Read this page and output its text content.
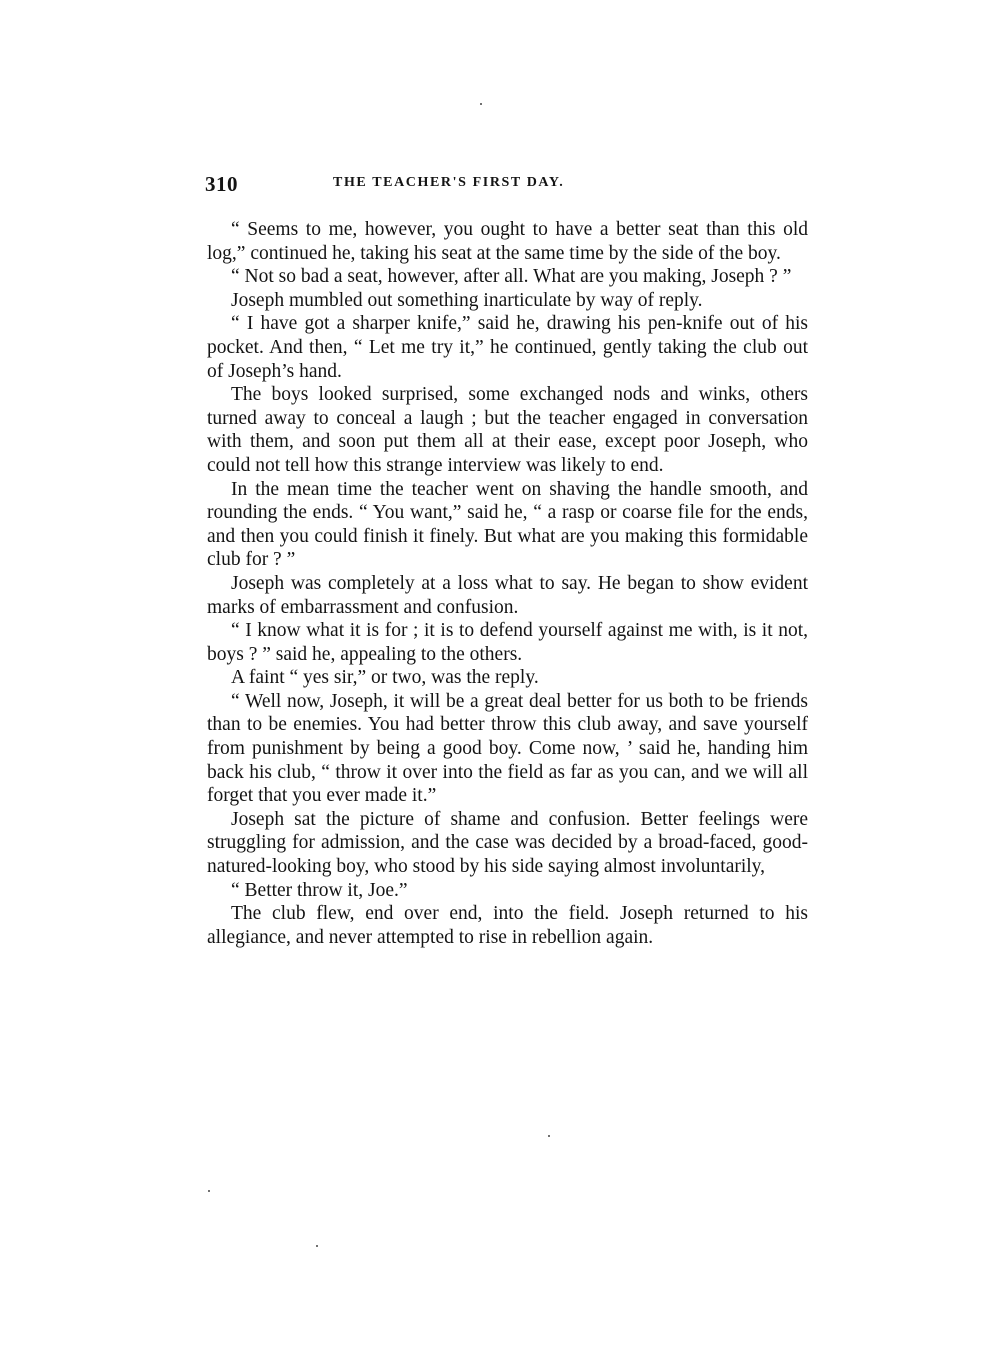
310	THE TEACHER'S FIRST DAY.

“ Seems to me, however, you ought to have a better seat than this old log,” continued he, taking his seat at the same time by the side of the boy.

“ Not so bad a seat, however, after all. What are you making, Joseph ? ”

Joseph mumbled out something inarticulate by way of reply.

“ I have got a sharper knife,” said he, drawing his pen-knife out of his pocket. And then, “ Let me try it,” he continued, gently taking the club out of Joseph’s hand.

The boys looked surprised, some exchanged nods and winks, others turned away to conceal a laugh ; but the teacher engaged in conversation with them, and soon put them all at their ease, except poor Joseph, who could not tell how this strange interview was likely to end.

In the mean time the teacher went on shaving the handle smooth, and rounding the ends. “ You want,” said he, “ a rasp or coarse file for the ends, and then you could finish it finely. But what are you making this formidable club for ? ”

Joseph was completely at a loss what to say. He began to show evident marks of embarrassment and confusion.

“ I know what it is for ; it is to defend yourself against me with, is it not, boys ? ” said he, appealing to the others.

A faint “ yes sir,” or two, was the reply.

“ Well now, Joseph, it will be a great deal better for us both to be friends than to be enemies. You had better throw this club away, and save yourself from punishment by being a good boy. Come now, ’ said he, handing him back his club, “ throw it over into the field as far as you can, and we will all forget that you ever made it.”

Joseph sat the picture of shame and confusion. Better feelings were struggling for admission, and the case was decided by a broad-faced, good-natured-looking boy, who stood by his side saying almost involuntarily,

“ Better throw it, Joe.”

The club flew, end over end, into the field. Joseph returned to his allegiance, and never attempted to rise in rebellion again.
